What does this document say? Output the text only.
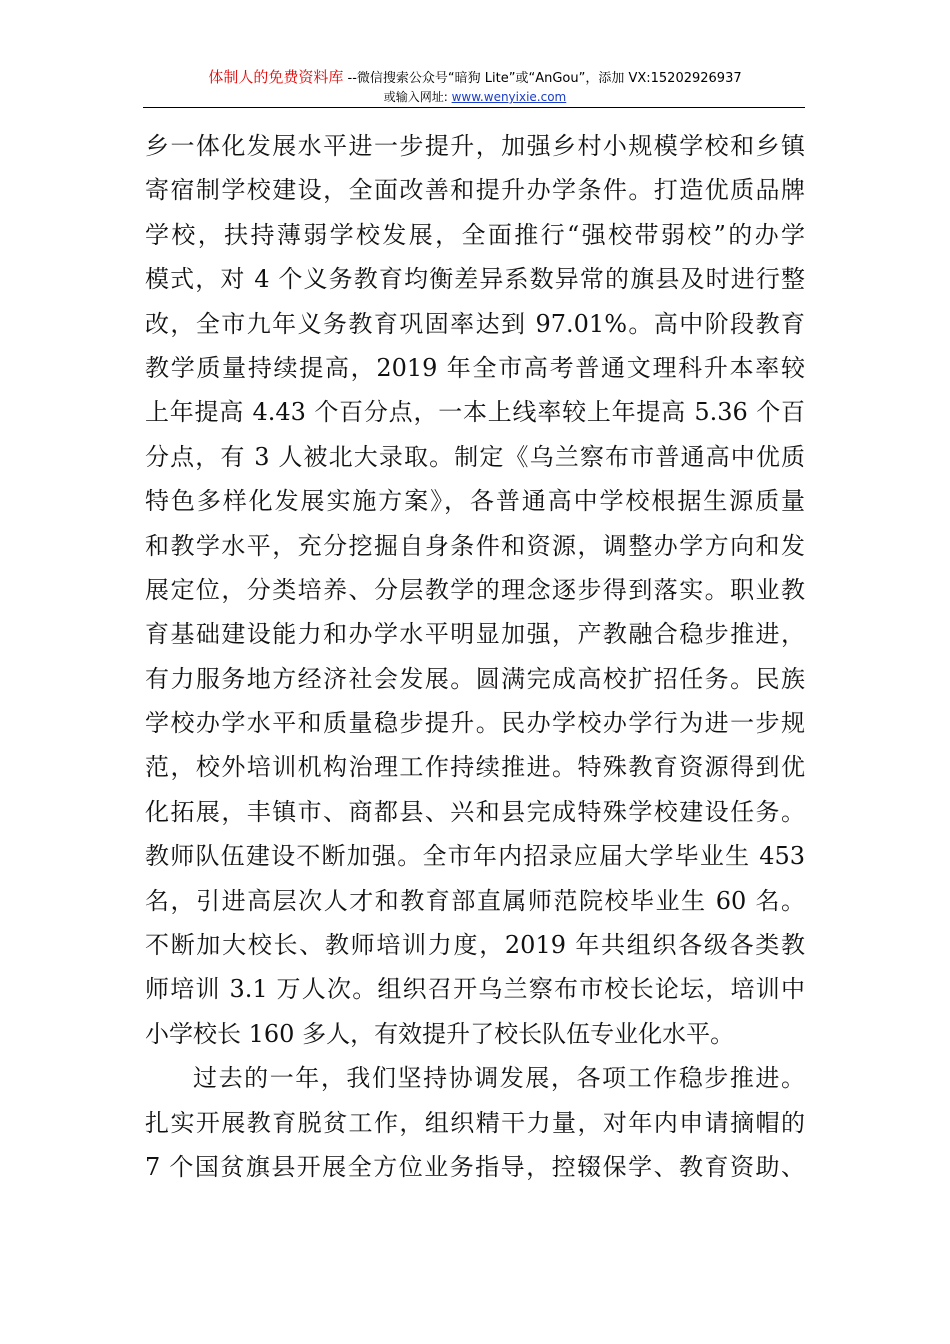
体制人的免费资料库 --微信搜索公众号“暗狗 Lite”或“AnGou”，添加 VX:15202926937
或输入网址: www.wenyixie.com
乡一体化发展水平进一步提升，加强乡村小规模学校和乡镇
寄宿制学校建设，全面改善和提升办学条件。打造优质品牌
学校，扶持薄弱学校发展，全面推行“强校带弱校”的办学
模式，对 4 个义务教育均衡差异系数异常的旗县及时进行整
改，全市九年义务教育巩固率达到 97.01%。高中阶段教育
教学质量持续提高，2019 年全市高考普通文理科升本率较
上年提高 4.43 个百分点，一本上线率较上年提高 5.36 个百
分点，有 3 人被北大录取。制定《乌兰察布市普通高中优质
特色多样化发展实施方案》，各普通高中学校根据生源质量
和教学水平，充分挖掘自身条件和资源，调整办学方向和发
展定位，分类培养、分层教学的理念逐步得到落实。职业教
育基础建设能力和办学水平明显加强，产教融合稳步推进，
有力服务地方经济社会发展。圆满完成高校扩招任务。民族
学校办学水平和质量稳步提升。民办学校办学行为进一步规
范，校外培训机构治理工作持续推进。特殊教育资源得到优
化拓展，丰镇市、商都县、兴和县完成特殊学校建设任务。
教师队伍建设不断加强。全市年内招录应届大学毕业生 453
名，引进高层次人才和教育部直属师范院校毕业生 60 名。
不断加大校长、教师培训力度，2019 年共组织各级各类教
师培训 3.1 万人次。组织召开乌兰察布市校长论坛，培训中
小学校长 160 多人，有效提升了校长队伍专业化水平。
过去的一年，我们坚持协调发展，各项工作稳步推进。
扎实开展教育脱贫工作，组织精干力量，对年内申请摘帽的
7 个国贫旗县开展全方位业务指导，控辍保学、教育资助、
